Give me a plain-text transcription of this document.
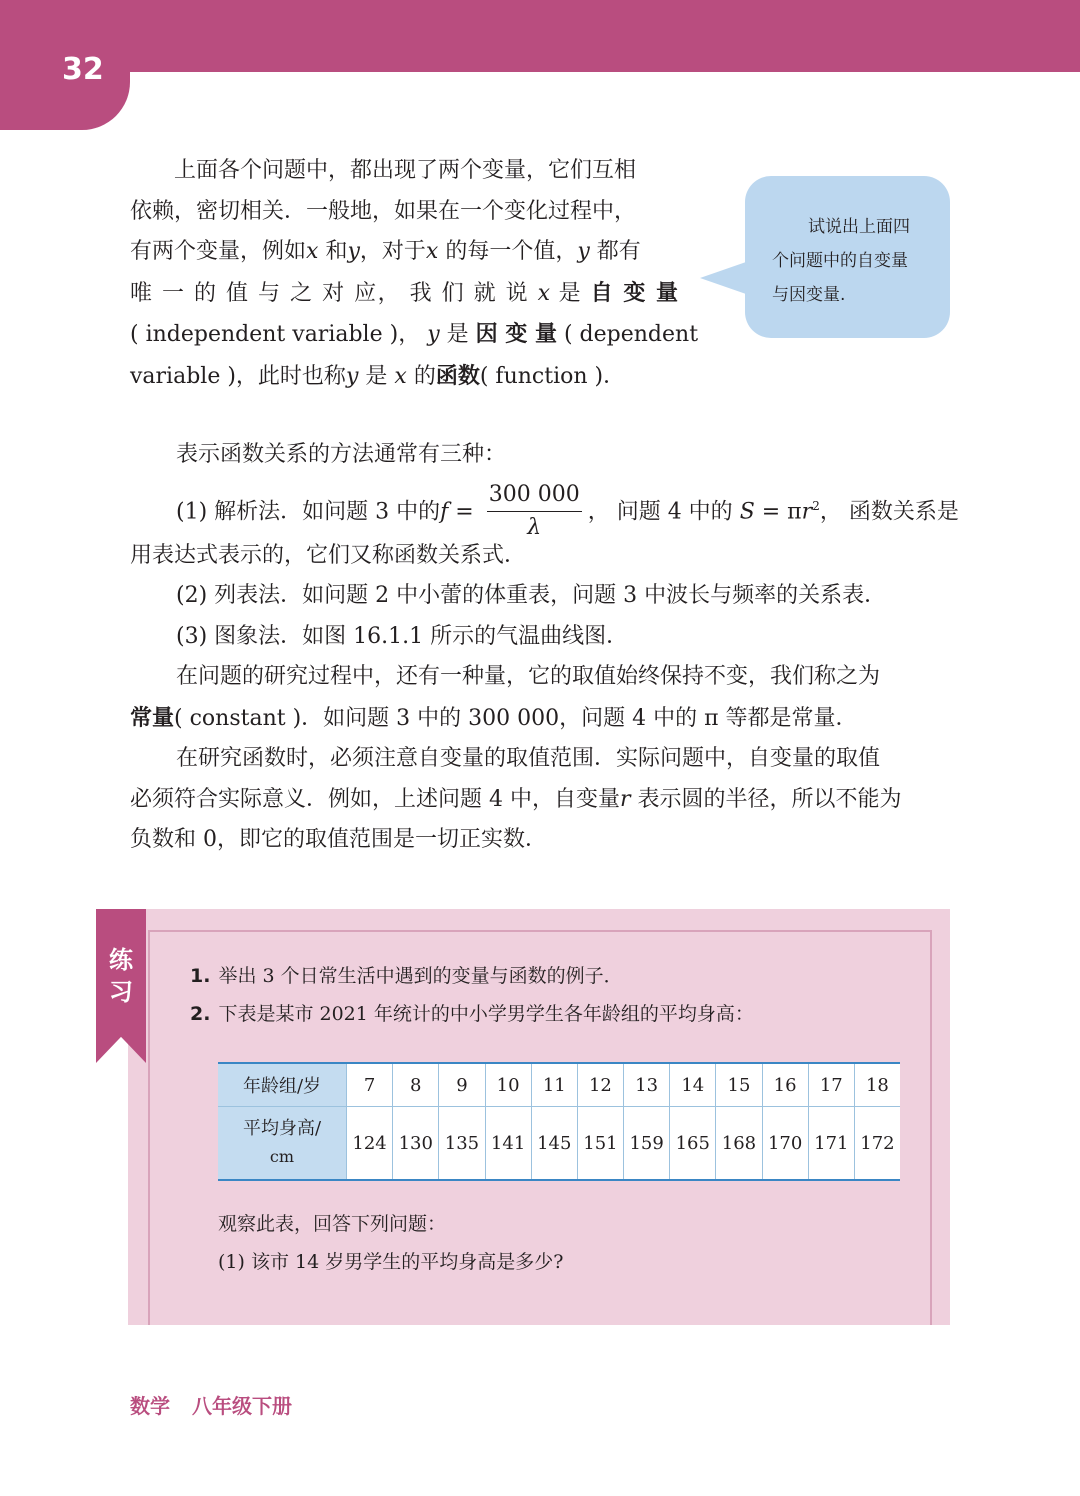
32
上面各个问题中，都出现了两个变量，它们互相
依赖，密切相关．一般地，如果在一个变化过程中，
有两个变量，例如x 和y，对于x 的每一个值，y 都有
唯 一 的 值 与 之 对 应， 我 们 就 说 x 是 自 变 量
( independent variable )， y 是 因 变 量 ( dependent
variable )，此时也称y 是 x 的函数( function )．
试说出上面四
个问题中的自变量
与因变量.
表示函数关系的方法通常有三种：
(1) 解析法．如问题 3 中的$f = \frac{300 000}{\lambda}$ ， 问题 4 中的 $S = \pi r^2$， 函数关系是
用表达式表示的，它们又称函数关系式．
(2) 列表法．如问题 2 中小蕾的体重表，问题 3 中波长与频率的关系表．
(3) 图象法．如图 16.1.1 所示的气温曲线图．
在问题的研究过程中，还有一种量，它的取值始终保持不变，我们称之为
常量( constant )．如问题 3 中的 300 000，问题 4 中的 π 等都是常量．
在研究函数时，必须注意自变量的取值范围．实际问题中，自变量的取值
必须符合实际意义．例如，上述问题 4 中，自变量r 表示圆的半径，所以不能为
负数和 0，即它的取值范围是一切正实数．
练
习
1. 举出 3 个日常生活中遇到的变量与函数的例子．
2. 下表是某市 2021 年统计的中小学男学生各年龄组的平均身高：
年龄组/岁	7	8	9	10	11	12	13	14	15	16	17	18

平均身高/
cm	124	130	135	141	145	151	159	165	168	170	171	172
观察此表，回答下列问题：
(1) 该市 14 岁男学生的平均身高是多少?
数学 八年级下册
